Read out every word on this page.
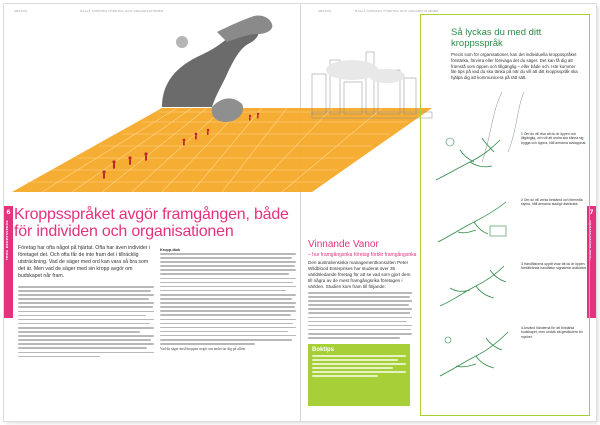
ABACUS	HALLÅ SVENSKA FÖRETAG OCH ORGANISATIONER	ABACUS	HALLÅ SVENSKA FÖRETAG OCH ORGANISATIONER
6
TEMA KROPPSSPRÅK
7
TEMA KROPPSSPRÅK
Kroppsspråket avgör framgången, både för individen och organisationen

Företag har ofta något på hjärtat. Ofta har även individer i företaget det. Och ofta får de inte fram det i tillräcklig utsträckning. Vad de säger med ord kan vara så bra som det är. Men vad de säger med sin kropp avgör om budskapet når fram.

Kropp-tänk

Vad du säger med kroppen avgör om andra tar dig på allvar.

Vinnande Vanor
– hur framgångsrika företag förblir framgångsrika

Den australiensiska managementkonsulten Peter Wildblood Enterprises har studerat över 35 världsledande företag för att se vad som gjort dem till några av de mest framgångsrika företagen i världen. Studien kom fram till följande:

Boktips
Så lyckas du med ditt kroppsspråk

Precis som för organisationer, kan det individuella kroppsspråket förstärka, förvirra eller försvaga det du säger. Det kan få dig att framstå som öppen och tillgänglig – eller både och. Här kommer lite tips på vad du ska tänka på när du vill att ditt kroppsspråk ska hjälpa dig att kommunicera på rätt sätt.

1 Om du vill visa att du är öppen och tillgänglig, och vill att andra ska känna sig trygga och öppna, håll armarna avslappnat.
2 Om du vill verka bestämd och förmedla styrka, håll armarna stadigt utsträckta.
3 Handflatorna uppåt visar att du är öppen. Nedåtvända handflator signalerar auktoritet.
4 Använd händerna för att förstärka budskapet, men undvik att gestikulera för mycket.
